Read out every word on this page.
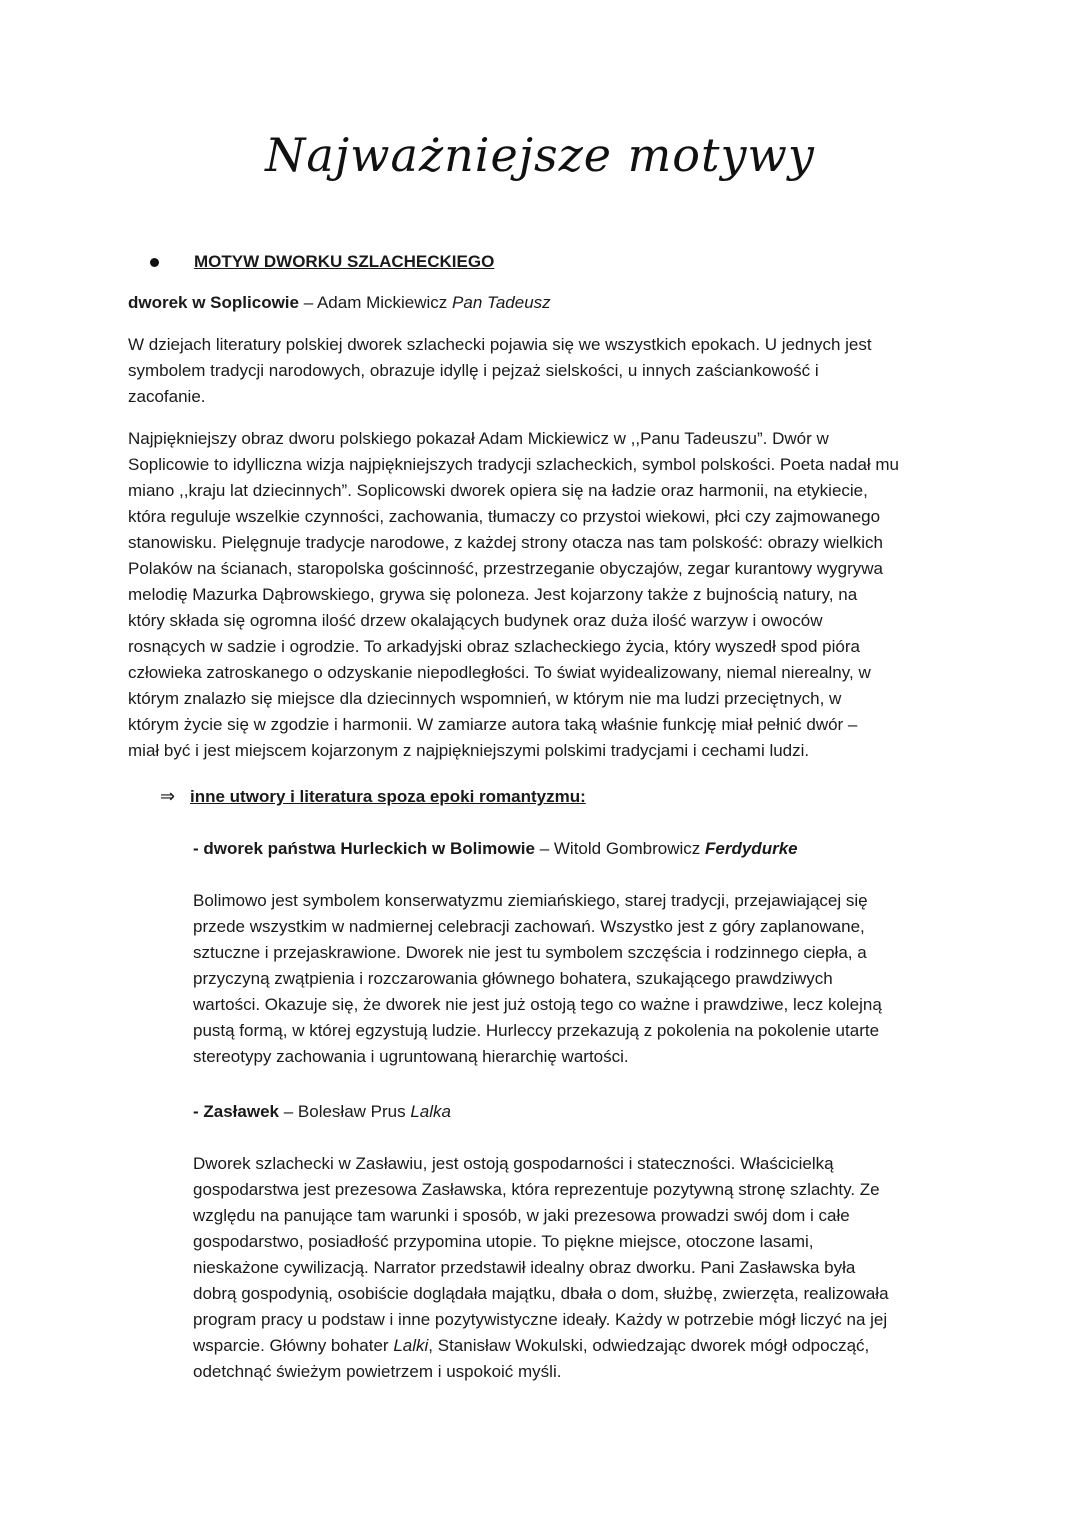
Najważniejsze motywy
MOTYW DWORKU SZLACHECKIEGO
dworek w Soplicowie – Adam Mickiewicz Pan Tadeusz
W dziejach literatury polskiej dworek szlachecki pojawia się we wszystkich epokach. U jednych jest
symbolem tradycji narodowych, obrazuje idyllę i pejzaż sielskości, u innych zaściankowość i
zacofanie.
Najpiękniejszy obraz dworu polskiego pokazał Adam Mickiewicz w ,,Panu Tadeuszu”. Dwór w
Soplicowie to idylliczna wizja najpiękniejszych tradycji szlacheckich, symbol polskości. Poeta nadał mu
miano ,,kraju lat dziecinnych”. Soplicowski dworek opiera się na ładzie oraz harmonii, na etykiecie,
która reguluje wszelkie czynności, zachowania, tłumaczy co przystoi wiekowi, płci czy zajmowanego
stanowisku. Pielęgnuje tradycje narodowe, z każdej strony otacza nas tam polskość: obrazy wielkich
Polaków na ścianach, staropolska gościnność, przestrzeganie obyczajów, zegar kurantowy wygrywa
melodię Mazurka Dąbrowskiego, grywa się poloneza. Jest kojarzony także z bujnością natury, na
który składa się ogromna ilość drzew okalających budynek oraz duża ilość warzyw i owoców
rosnących w sadzie i ogrodzie. To arkadyjski obraz szlacheckiego życia, który wyszedł spod pióra
człowieka zatroskanego o odzyskanie niepodległości. To świat wyidealizowany, niemal nierealny, w
którym znalazło się miejsce dla dziecinnych wspomnień, w którym nie ma ludzi przeciętnych, w
którym życie się w zgodzie i harmonii. W zamiarze autora taką właśnie funkcję miał pełnić dwór –
miał być i jest miejscem kojarzonym z najpiękniejszymi polskimi tradycjami i cechami ludzi.
⇒ inne utwory i literatura spoza epoki romantyzmu:
- dworek państwa Hurleckich w Bolimowie – Witold Gombrowicz Ferdydurke
Bolimowo jest symbolem konserwatyzmu ziemiańskiego, starej tradycji, przejawiającej się
przede wszystkim w nadmiernej celebracji zachowań. Wszystko jest z góry zaplanowane,
sztuczne i przejaskrawione. Dworek nie jest tu symbolem szczęścia i rodzinnego ciepła, a
przyczyną zwątpienia i rozczarowania głównego bohatera, szukającego prawdziwych
wartości. Okazuje się, że dworek nie jest już ostoją tego co ważne i prawdziwe, lecz kolejną
pustą formą, w której egzystują ludzie. Hurleccy przekazują z pokolenia na pokolenie utarte
stereotypy zachowania i ugruntowaną hierarchię wartości.
- Zasławek – Bolesław Prus Lalka
Dworek szlachecki w Zasławiu, jest ostoją gospodarności i stateczności. Właścicielką
gospodarstwa jest prezesowa Zasławska, która reprezentuje pozytywną stronę szlachty. Ze
względu na panujące tam warunki i sposób, w jaki prezesowa prowadzi swój dom i całe
gospodarstwo, posiadłość przypomina utopie. To piękne miejsce, otoczone lasami,
nieskażone cywilizacją. Narrator przedstawił idealny obraz dworku. Pani Zasławska była
dobrą gospodynią, osobiście doglądała majątku, dbała o dom, służbę, zwierzęta, realizowała
program pracy u podstaw i inne pozytywistyczne ideały. Każdy w potrzebie mógł liczyć na jej
wsparcie. Główny bohater Lalki, Stanisław Wokulski, odwiedzając dworek mógł odpocząć,
odetchnąć świeżym powietrzem i uspokoić myśli.
